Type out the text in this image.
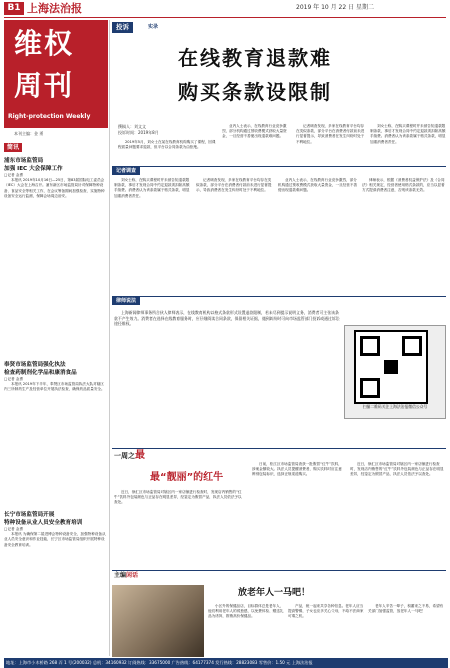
B1 上海法治报	2019 年 10 月 22 日 星期二
维权
周刊
Right-protection Weekly
本刊主编：金 勇
简讯
浦东市场监管局
加强 IEC 大会保障工作
□记者 金勇

本报讯 2019年10月16日—25日，第83届国际电工委员会（IEC）大会在上海召开。浦东新区市场监管局针对保障特种设备、食品安全等相关工作，在会议筹备期间加强检查、实施特种设备安全运行监测，保障会场周边治安。

奉贤市场监管局强化执法
检查药制剂化学品和康消食品
□记者 金勇

本报讯 2019年下半年，奉贤区市场监管局执法大队对辖区内三所制药生产及经营单位开展执法检查，确保药品质量安全。

长宁市场监管局开展
特种设备从业人员安全教育培训
□记者 金勇

本报讯 为确保第二届进博会特种设备安全，加强特种设备从业人员安全意识和作业技能，长宁区市场监管局组织开展特种设备安全教育培训。

投诉	实录
在线教育退款难
购买条款设限制
撰稿人：刘文文
投诉时间：2019年8月

2019年5月，刘女士在某在线教育机构购买了课程，因课程质量问题要求退款，但平台以合同条款为由拒绝。

业内人士表示，在线教育行业竞争激烈，部分机构通过预收费模式获取大量资金，一旦经营不善便出现退款难问题。

记者调查发现，多家在线教育平台均存在类似条款，部分平台在消费者付款前未进行显著提示，导致消费者在发生纠纷时处于不利地位。

刘女士称，在购买课程时并未被告知退款限制条款，事后才发现合同中约定退款须扣除高额手续费。消费者认为该条款属于格式条款，明显加重消费者责任。

记者调查

刘女士称，在购买课程时并未被告知退款限制条款，事后才发现合同中约定退款须扣除高额手续费。消费者认为该条款属于格式条款，明显加重消费者责任。

记者调查发现，多家在线教育平台均存在类似条款，部分平台在消费者付款前未进行显著提示，导致消费者在发生纠纷时处于不利地位。

业内人士表示，在线教育行业竞争激烈，部分机构通过预收费模式获取大量资金，一旦经营不善便出现退款难问题。

律师表示，根据《消费者权益保护法》及《合同法》相关规定，经营者使用格式条款的，应当以显著方式提请消费者注意，否则该条款无效。

律师说法

上海新闻律师事务所合伙人律师表示，在线教育机构以格式条款形式设置退款限制，若未尽到提示说明义务，消费者可主张该条款不产生效力。消费者在选择在线教育服务时，应仔细阅读合同条款，保留相关证据，遇到纠纷时可向市场监管部门投诉或通过诉讼途径维权。

扫描二维码关注上海法治报微信公众号
一周之最
最“靓丽”的红牛

近日，徐汇区市场监管局对辖区内一家店铺进行检查时，发现店内销售的“红牛”饮料外包装颜色与正品存在明显差异，经鉴定为假冒产品，执法人员依法予以查处。

日前，松江区市场监管局查获一批假冒“红牛”饮料，涉案金额较大。执法人员提醒消费者，购买饮料时应注意辨别包装标识，选择正规渠道购买。

近日，徐汇区市场监管局对辖区内一家店铺进行检查时，发现店内销售的“红牛”饮料外包装颜色与正品存在明显差异，经鉴定为假冒产品，执法人员依法予以查处。

主编闲话
放老年人一马吧！

小区外的保健品店，目标群体总是老年人，他们利用老年人的孤独感，以免费体检、赠送礼品为诱饵，推销高价保健品。

产品，统一起来共享各种信息。老年人应当提高警惕，子女也应多关心父母，不给不法商家可乘之机。

老年人辛苦一辈子，积蓄来之不易，希望有关部门加强监管，放老年人一马吧！

地址：上海市小木桥路 268 弄 1 号(200032) 总机：34160932 订阅热线：33675000 广告热线：64177374 发行热线：28823083 零售价：1.50 元 上海法治报
